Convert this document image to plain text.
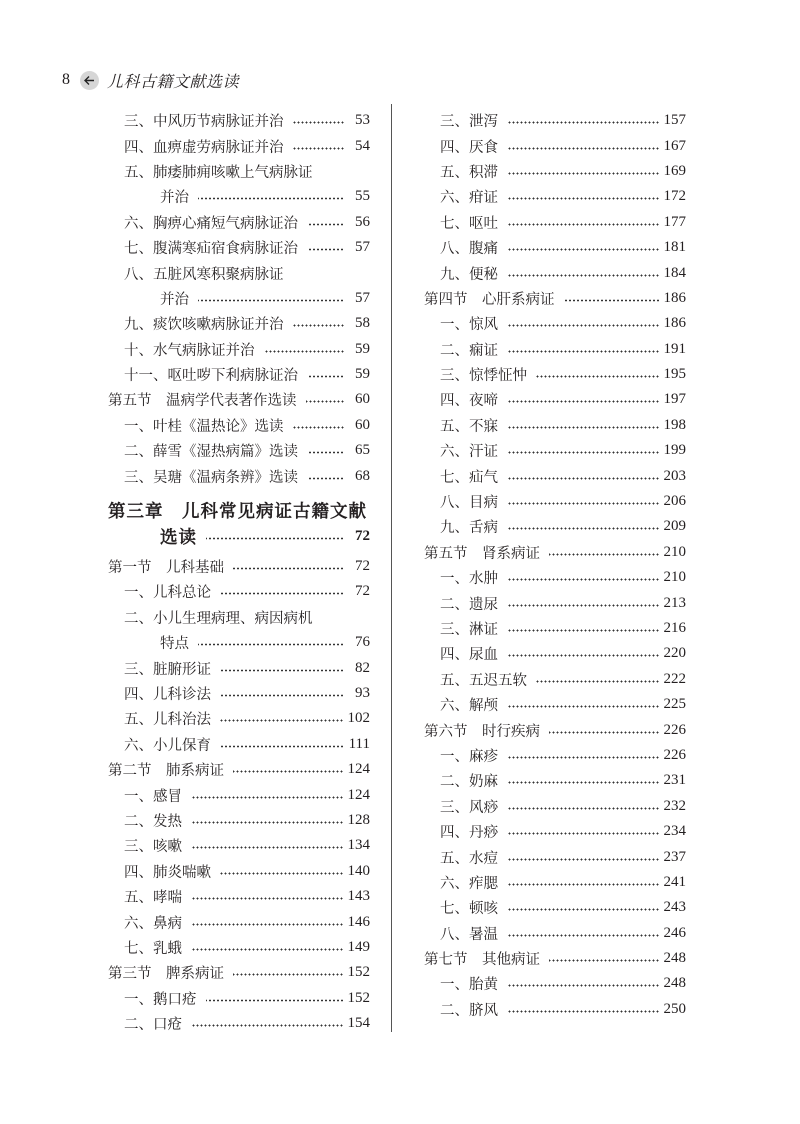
8 儿科古籍文献选读
三、中风历节病脉证并治	53
四、血痹虚劳病脉证并治	54
五、肺痿肺痈咳嗽上气病脉证
并治	55
六、胸痹心痛短气病脉证治	56
七、腹满寒疝宿食病脉证治	57
八、五脏风寒积聚病脉证
并治	57
九、痰饮咳嗽病脉证并治	58
十、水气病脉证并治	59
十一、呕吐哕下利病脉证治	59
第五节　温病学代表著作选读	60
一、叶桂《温热论》选读	60
二、薛雪《湿热病篇》选读	65
三、吴瑭《温病条辨》选读	68
第三章　儿科常见病证古籍文献
选读	72
第一节　儿科基础	72
一、儿科总论	72
二、小儿生理病理、病因病机
特点	76
三、脏腑形证	82
四、儿科诊法	93
五、儿科治法	102
六、小儿保育	111
第二节　肺系病证	124
一、感冒	124
二、发热	128
三、咳嗽	134
四、肺炎喘嗽	140
五、哮喘	143
六、鼻病	146
七、乳蛾	149
第三节　脾系病证	152
一、鹅口疮	152
二、口疮	154
三、泄泻	157
四、厌食	167
五、积滞	169
六、疳证	172
七、呕吐	177
八、腹痛	181
九、便秘	184
第四节　心肝系病证	186
一、惊风	186
二、痫证	191
三、惊悸怔忡	195
四、夜啼	197
五、不寐	198
六、汗证	199
七、疝气	203
八、目病	206
九、舌病	209
第五节　肾系病证	210
一、水肿	210
二、遗尿	213
三、淋证	216
四、尿血	220
五、五迟五软	222
六、解颅	225
第六节　时行疾病	226
一、麻疹	226
二、奶麻	231
三、风痧	232
四、丹痧	234
五、水痘	237
六、痄腮	241
七、顿咳	243
八、暑温	246
第七节　其他病证	248
一、胎黄	248
二、脐风	250
